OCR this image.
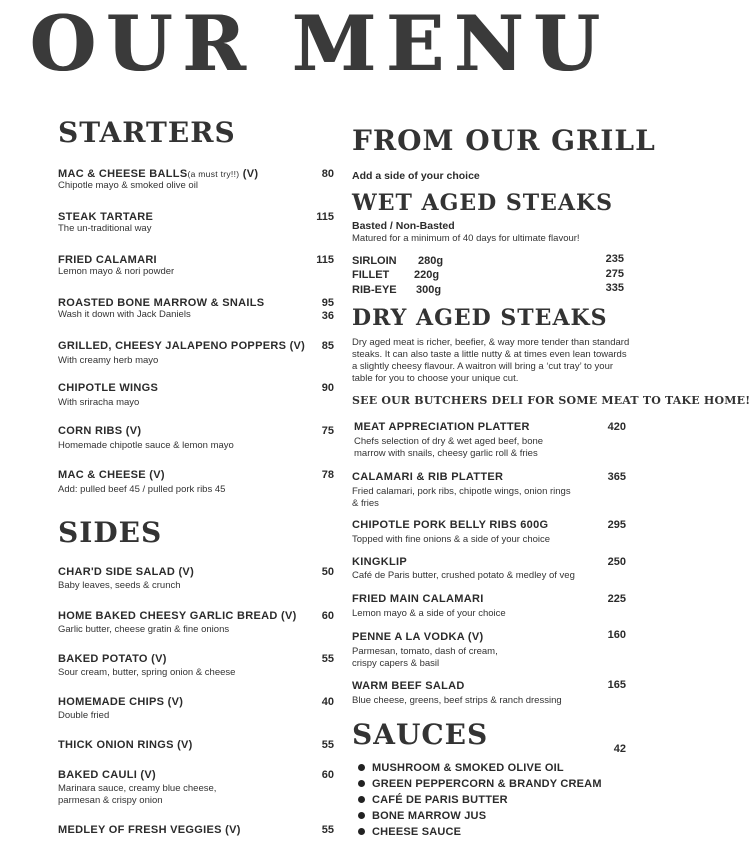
OUR MENU
STARTERS
MAC & CHEESE BALLS(a must try!!) (V)
Chipotle mayo & smoked olive oil
80
STEAK TARTARE
The un-traditional way
115
FRIED CALAMARI
Lemon mayo & nori powder
115
ROASTED BONE MARROW & SNAILS
Wash it down with Jack Daniels
95
36
GRILLED, CHEESY JALAPENO POPPERS (V)
With creamy herb mayo
85
CHIPOTLE WINGS
With sriracha mayo
90
CORN RIBS (V)
Homemade chipotle sauce & lemon mayo
75
MAC & CHEESE (V)
Add: pulled beef 45 / pulled pork ribs 45
78
SIDES
CHAR'D SIDE SALAD (V)
Baby leaves, seeds & crunch
50
HOME BAKED CHEESY GARLIC BREAD (V)
Garlic butter, cheese gratin & fine onions
60
BAKED POTATO (V)
Sour cream, butter, spring onion & cheese
55
HOMEMADE CHIPS (V)
Double fried
40
THICK ONION RINGS (V)	55
BAKED CAULI (V)
Marinara sauce, creamy blue cheese, parmesan & crispy onion
60
MEDLEY OF FRESH VEGGIES (V)	55
FROM OUR GRILL
Add a side of your choice
WET AGED STEAKS
Basted / Non-Basted
Matured for a minimum of 40 days for ultimate flavour!
SIRLOIN 280g	235
FILLET 220g	275
RIB-EYE 300g	335
DRY AGED STEAKS
Dry aged meat is richer, beefier, & way more tender than standard steaks. It can also taste a little nutty & at times even lean towards a slightly cheesy flavour. A waitron will bring a ‘cut tray’ to your table for you to choose your unique cut.
SEE OUR BUTCHERS DELI FOR SOME MEAT TO TAKE HOME!
MEAT APPRECIATION PLATTER
Chefs selection of dry & wet aged beef, bone marrow with snails, cheesy garlic roll & fries
420
CALAMARI & RIB PLATTER
Fried calamari, pork ribs, chipotle wings, onion rings & fries
365
CHIPOTLE PORK BELLY RIBS 600G
Topped with fine onions & a side of your choice
295
KINGKLIP
Café de Paris butter, crushed potato & medley of veg
250
FRIED MAIN CALAMARI
Lemon mayo & a side of your choice
225
PENNE A LA VODKA (V)
Parmesan, tomato, dash of cream, crispy capers & basil
160
WARM BEEF SALAD
Blue cheese, greens, beef strips & ranch dressing
165
SAUCES	42
MUSHROOM & SMOKED OLIVE OIL
GREEN PEPPERCORN & BRANDY CREAM
CAFÉ DE PARIS BUTTER
BONE MARROW JUS
CHEESE SAUCE
